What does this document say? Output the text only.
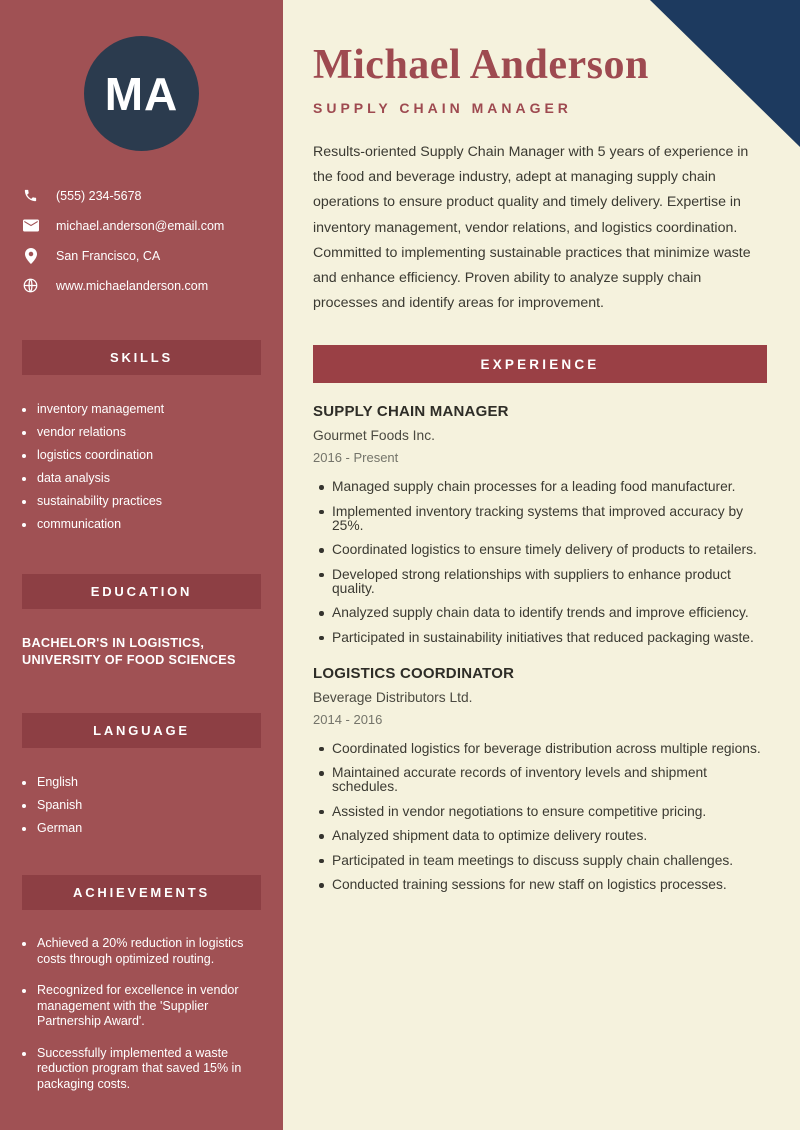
MA
(555) 234-5678
michael.anderson@email.com
San Francisco, CA
www.michaelanderson.com
SKILLS
inventory management
vendor relations
logistics coordination
data analysis
sustainability practices
communication
EDUCATION
BACHELOR'S IN LOGISTICS, UNIVERSITY OF FOOD SCIENCES
LANGUAGE
English
Spanish
German
ACHIEVEMENTS
Achieved a 20% reduction in logistics costs through optimized routing.
Recognized for excellence in vendor management with the 'Supplier Partnership Award'.
Successfully implemented a waste reduction program that saved 15% in packaging costs.
Michael Anderson
SUPPLY CHAIN MANAGER

Results-oriented Supply Chain Manager with 5 years of experience in the food and beverage industry, adept at managing supply chain operations to ensure product quality and timely delivery. Expertise in inventory management, vendor relations, and logistics coordination. Committed to implementing sustainable practices that minimize waste and enhance efficiency. Proven ability to analyze supply chain processes and identify areas for improvement.

EXPERIENCE
SUPPLY CHAIN MANAGER
Gourmet Foods Inc.
2016 - Present
Managed supply chain processes for a leading food manufacturer.
Implemented inventory tracking systems that improved accuracy by 25%.
Coordinated logistics to ensure timely delivery of products to retailers.
Developed strong relationships with suppliers to enhance product quality.
Analyzed supply chain data to identify trends and improve efficiency.
Participated in sustainability initiatives that reduced packaging waste.
LOGISTICS COORDINATOR
Beverage Distributors Ltd.
2014 - 2016
Coordinated logistics for beverage distribution across multiple regions.
Maintained accurate records of inventory levels and shipment schedules.
Assisted in vendor negotiations to ensure competitive pricing.
Analyzed shipment data to optimize delivery routes.
Participated in team meetings to discuss supply chain challenges.
Conducted training sessions for new staff on logistics processes.
